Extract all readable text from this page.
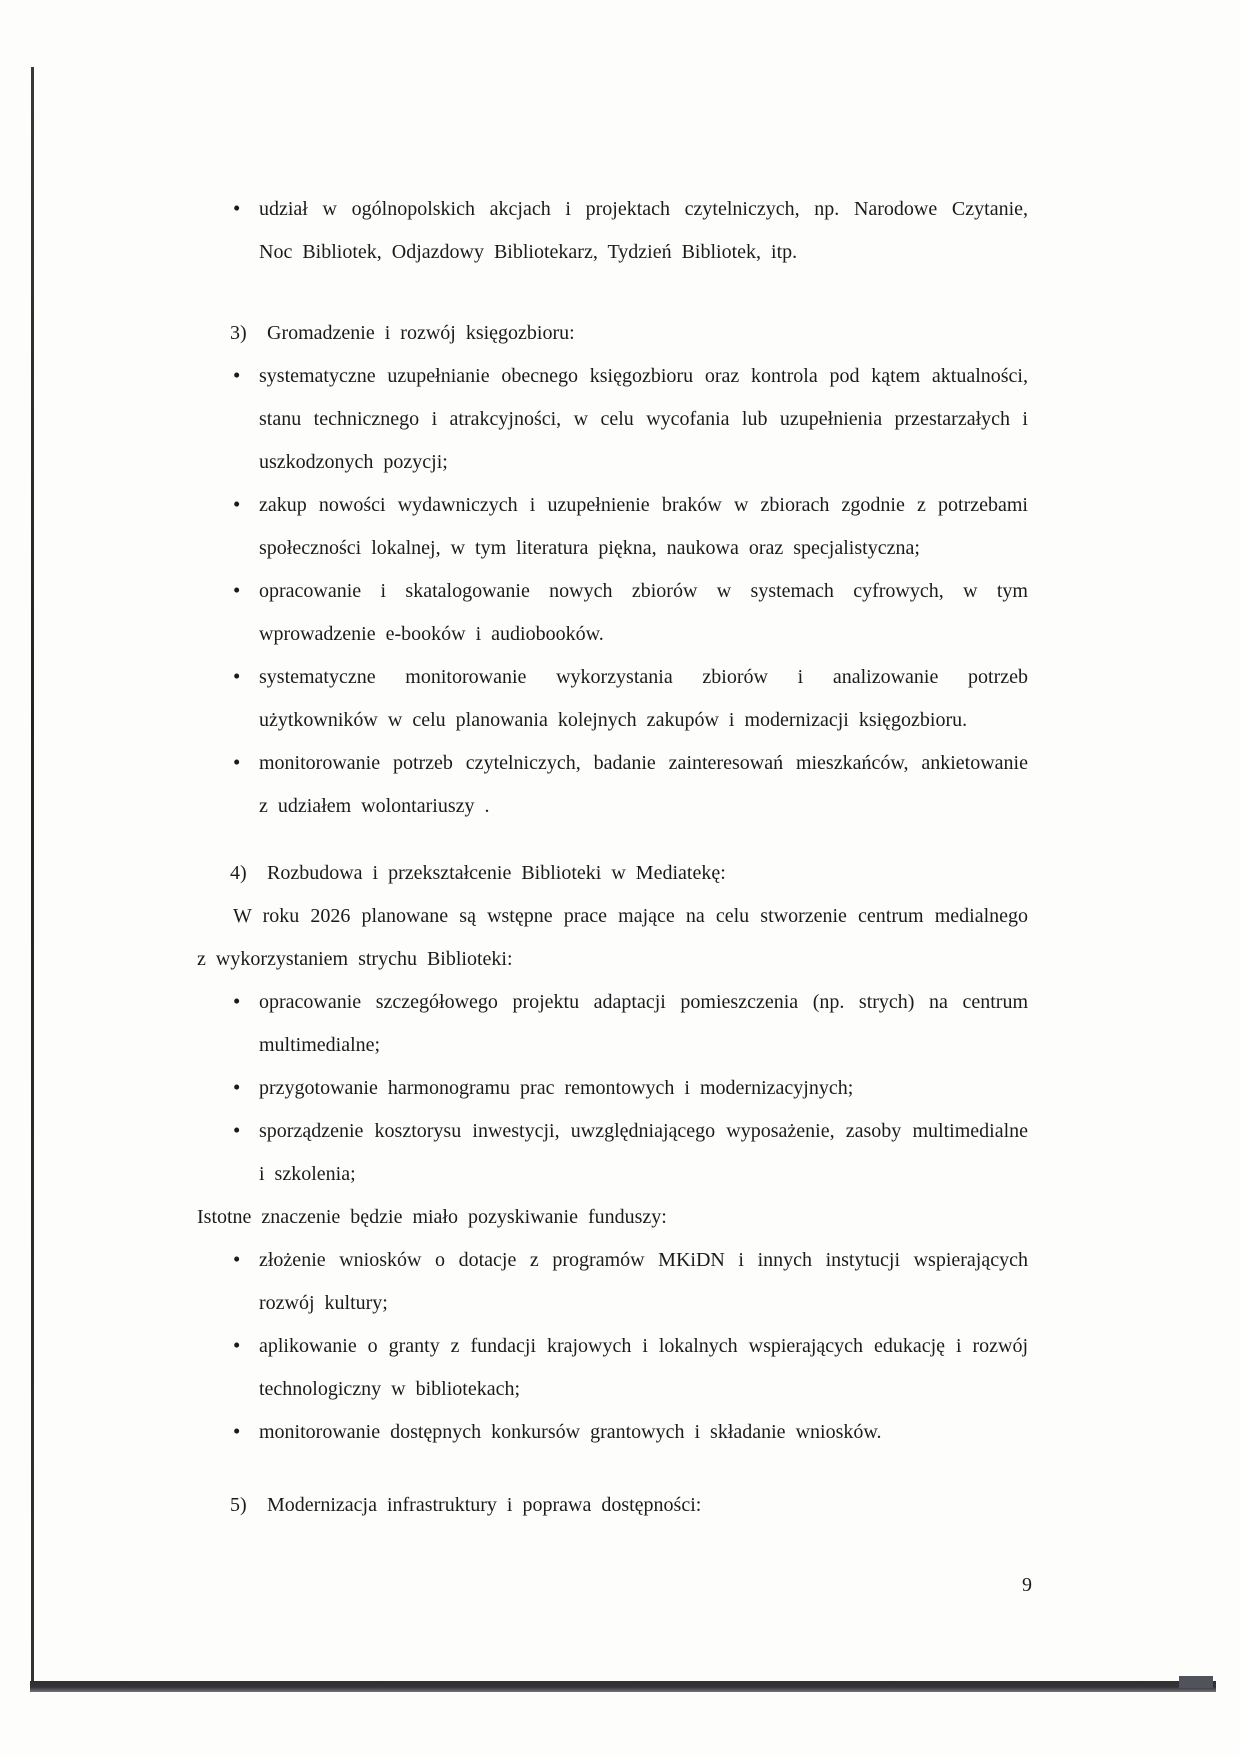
• udział w ogólnopolskich akcjach i projektach czytelniczych, np. Narodowe Czytanie, Noc Bibliotek, Odjazdowy Bibliotekarz, Tydzień Bibliotek, itp.
3) Gromadzenie i rozwój księgozbioru:
• systematyczne uzupełnianie obecnego księgozbioru oraz kontrola pod kątem aktualności, stanu technicznego i atrakcyjności, w celu wycofania lub uzupełnienia przestarzałych i uszkodzonych pozycji;
• zakup nowości wydawniczych i uzupełnienie braków w zbiorach zgodnie z potrzebami społeczności lokalnej, w tym literatura piękna, naukowa oraz specjalistyczna;
• opracowanie i skatalogowanie nowych zbiorów w systemach cyfrowych, w tym wprowadzenie e-booków i audiobooków.
• systematyczne monitorowanie wykorzystania zbiorów i analizowanie potrzeb użytkowników w celu planowania kolejnych zakupów i modernizacji księgozbioru.
• monitorowanie potrzeb czytelniczych, badanie zainteresowań mieszkańców, ankietowanie z udziałem wolontariuszy .
4) Rozbudowa i przekształcenie Biblioteki w Mediatekę:
W roku 2026 planowane są wstępne prace mające na celu stworzenie centrum medialnego z wykorzystaniem strychu Biblioteki:
• opracowanie szczegółowego projektu adaptacji pomieszczenia (np. strych) na centrum multimedialne;
• przygotowanie harmonogramu prac remontowych i modernizacyjnych;
• sporządzenie kosztorysu inwestycji, uwzględniającego wyposażenie, zasoby multimedialne i szkolenia;
Istotne znaczenie będzie miało pozyskiwanie funduszy:
• złożenie wniosków o dotacje z programów MKiDN i innych instytucji wspierających rozwój kultury;
• aplikowanie o granty z fundacji krajowych i lokalnych wspierających edukację i rozwój technologiczny w bibliotekach;
• monitorowanie dostępnych konkursów grantowych i składanie wniosków.
5) Modernizacja infrastruktury i poprawa dostępności:
9
